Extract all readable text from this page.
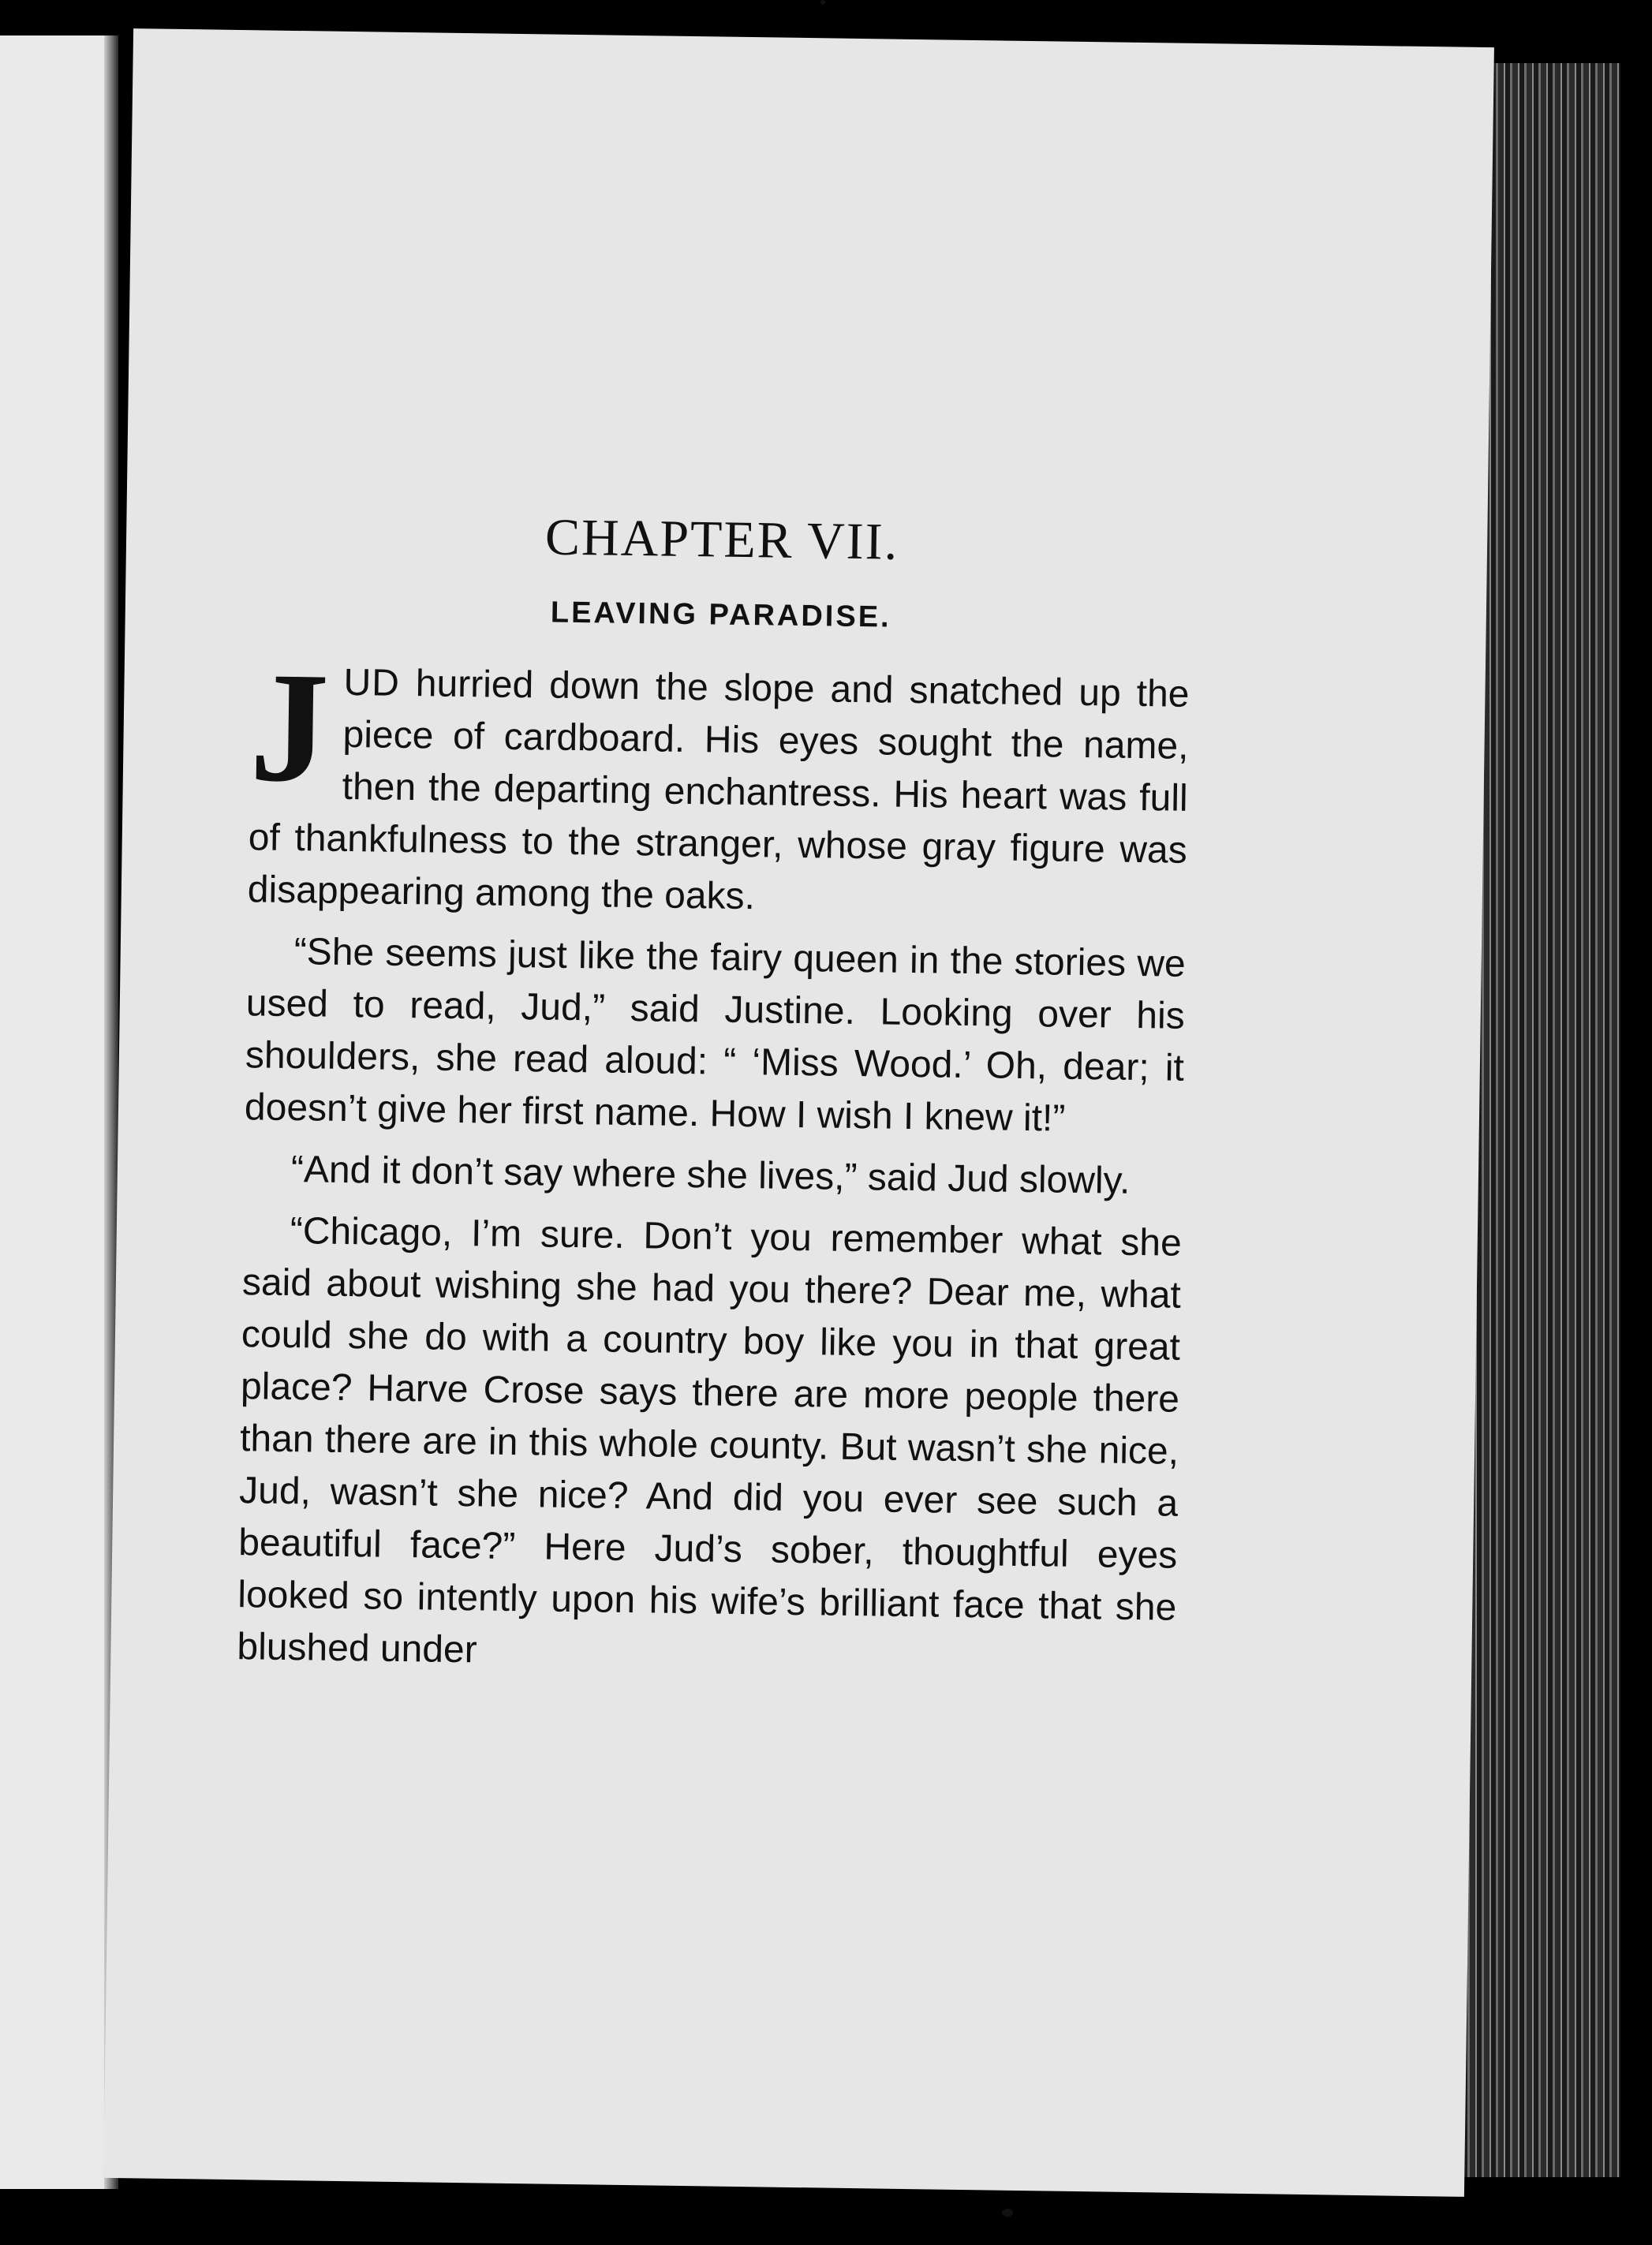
CHAPTER VII.
LEAVING PARADISE.

JUD hurried down the slope and snatched up the piece of cardboard. His eyes sought the name, then the departing enchantress. His heart was full of thankfulness to the stranger, whose gray figure was disappearing among the oaks.

“She seems just like the fairy queen in the stories we used to read, Jud,” said Justine. Looking over his shoulders, she read aloud: “ ‘Miss Wood.’ Oh, dear; it doesn’t give her first name. How I wish I knew it!”

“And it don’t say where she lives,” said Jud slowly.

“Chicago, I’m sure. Don’t you remember what she said about wishing she had you there? Dear me, what could she do with a country boy like you in that great place? Harve Crose says there are more people there than there are in this whole county. But wasn’t she nice, Jud, wasn’t she nice? And did you ever see such a beautiful face?” Here Jud’s sober, thoughtful eyes looked so intently upon his wife’s brilliant face that she blushed under
